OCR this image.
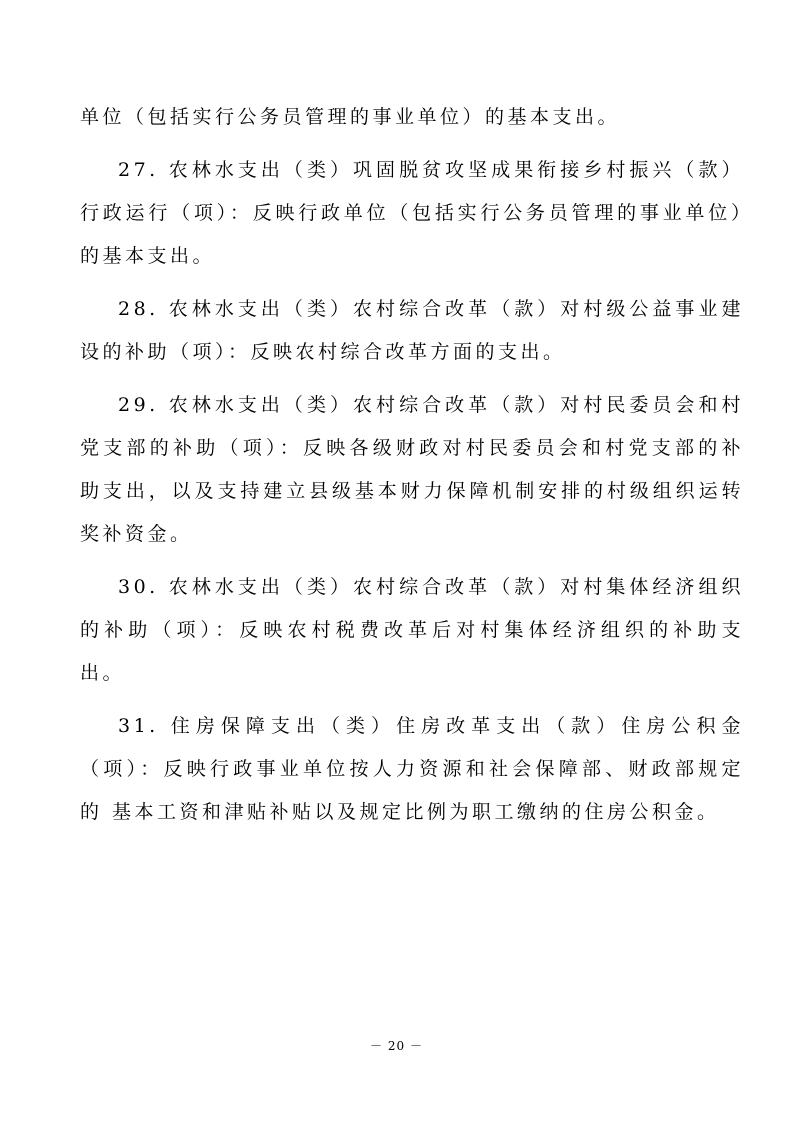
单位（包括实行公务员管理的事业单位）的基本支出。

27. 农林水支出（类）巩固脱贫攻坚成果衔接乡村振兴（款）行政运行（项）：反映行政单位（包括实行公务员管理的事业单位）的基本支出。

28. 农林水支出（类）农村综合改革（款）对村级公益事业建设的补助（项）：反映农村综合改革方面的支出。

29. 农林水支出（类）农村综合改革（款）对村民委员会和村党支部的补助（项）：反映各级财政对村民委员会和村党支部的补助支出，以及支持建立县级基本财力保障机制安排的村级组织运转奖补资金。

30. 农林水支出（类）农村综合改革（款）对村集体经济组织的补助（项）：反映农村税费改革后对村集体经济组织的补助支出。

31. 住房保障支出（类）住房改革支出（款）住房公积金（项）：反映行政事业单位按人力资源和社会保障部、财政部规定的 基本工资和津贴补贴以及规定比例为职工缴纳的住房公积金。

－ 20 －
